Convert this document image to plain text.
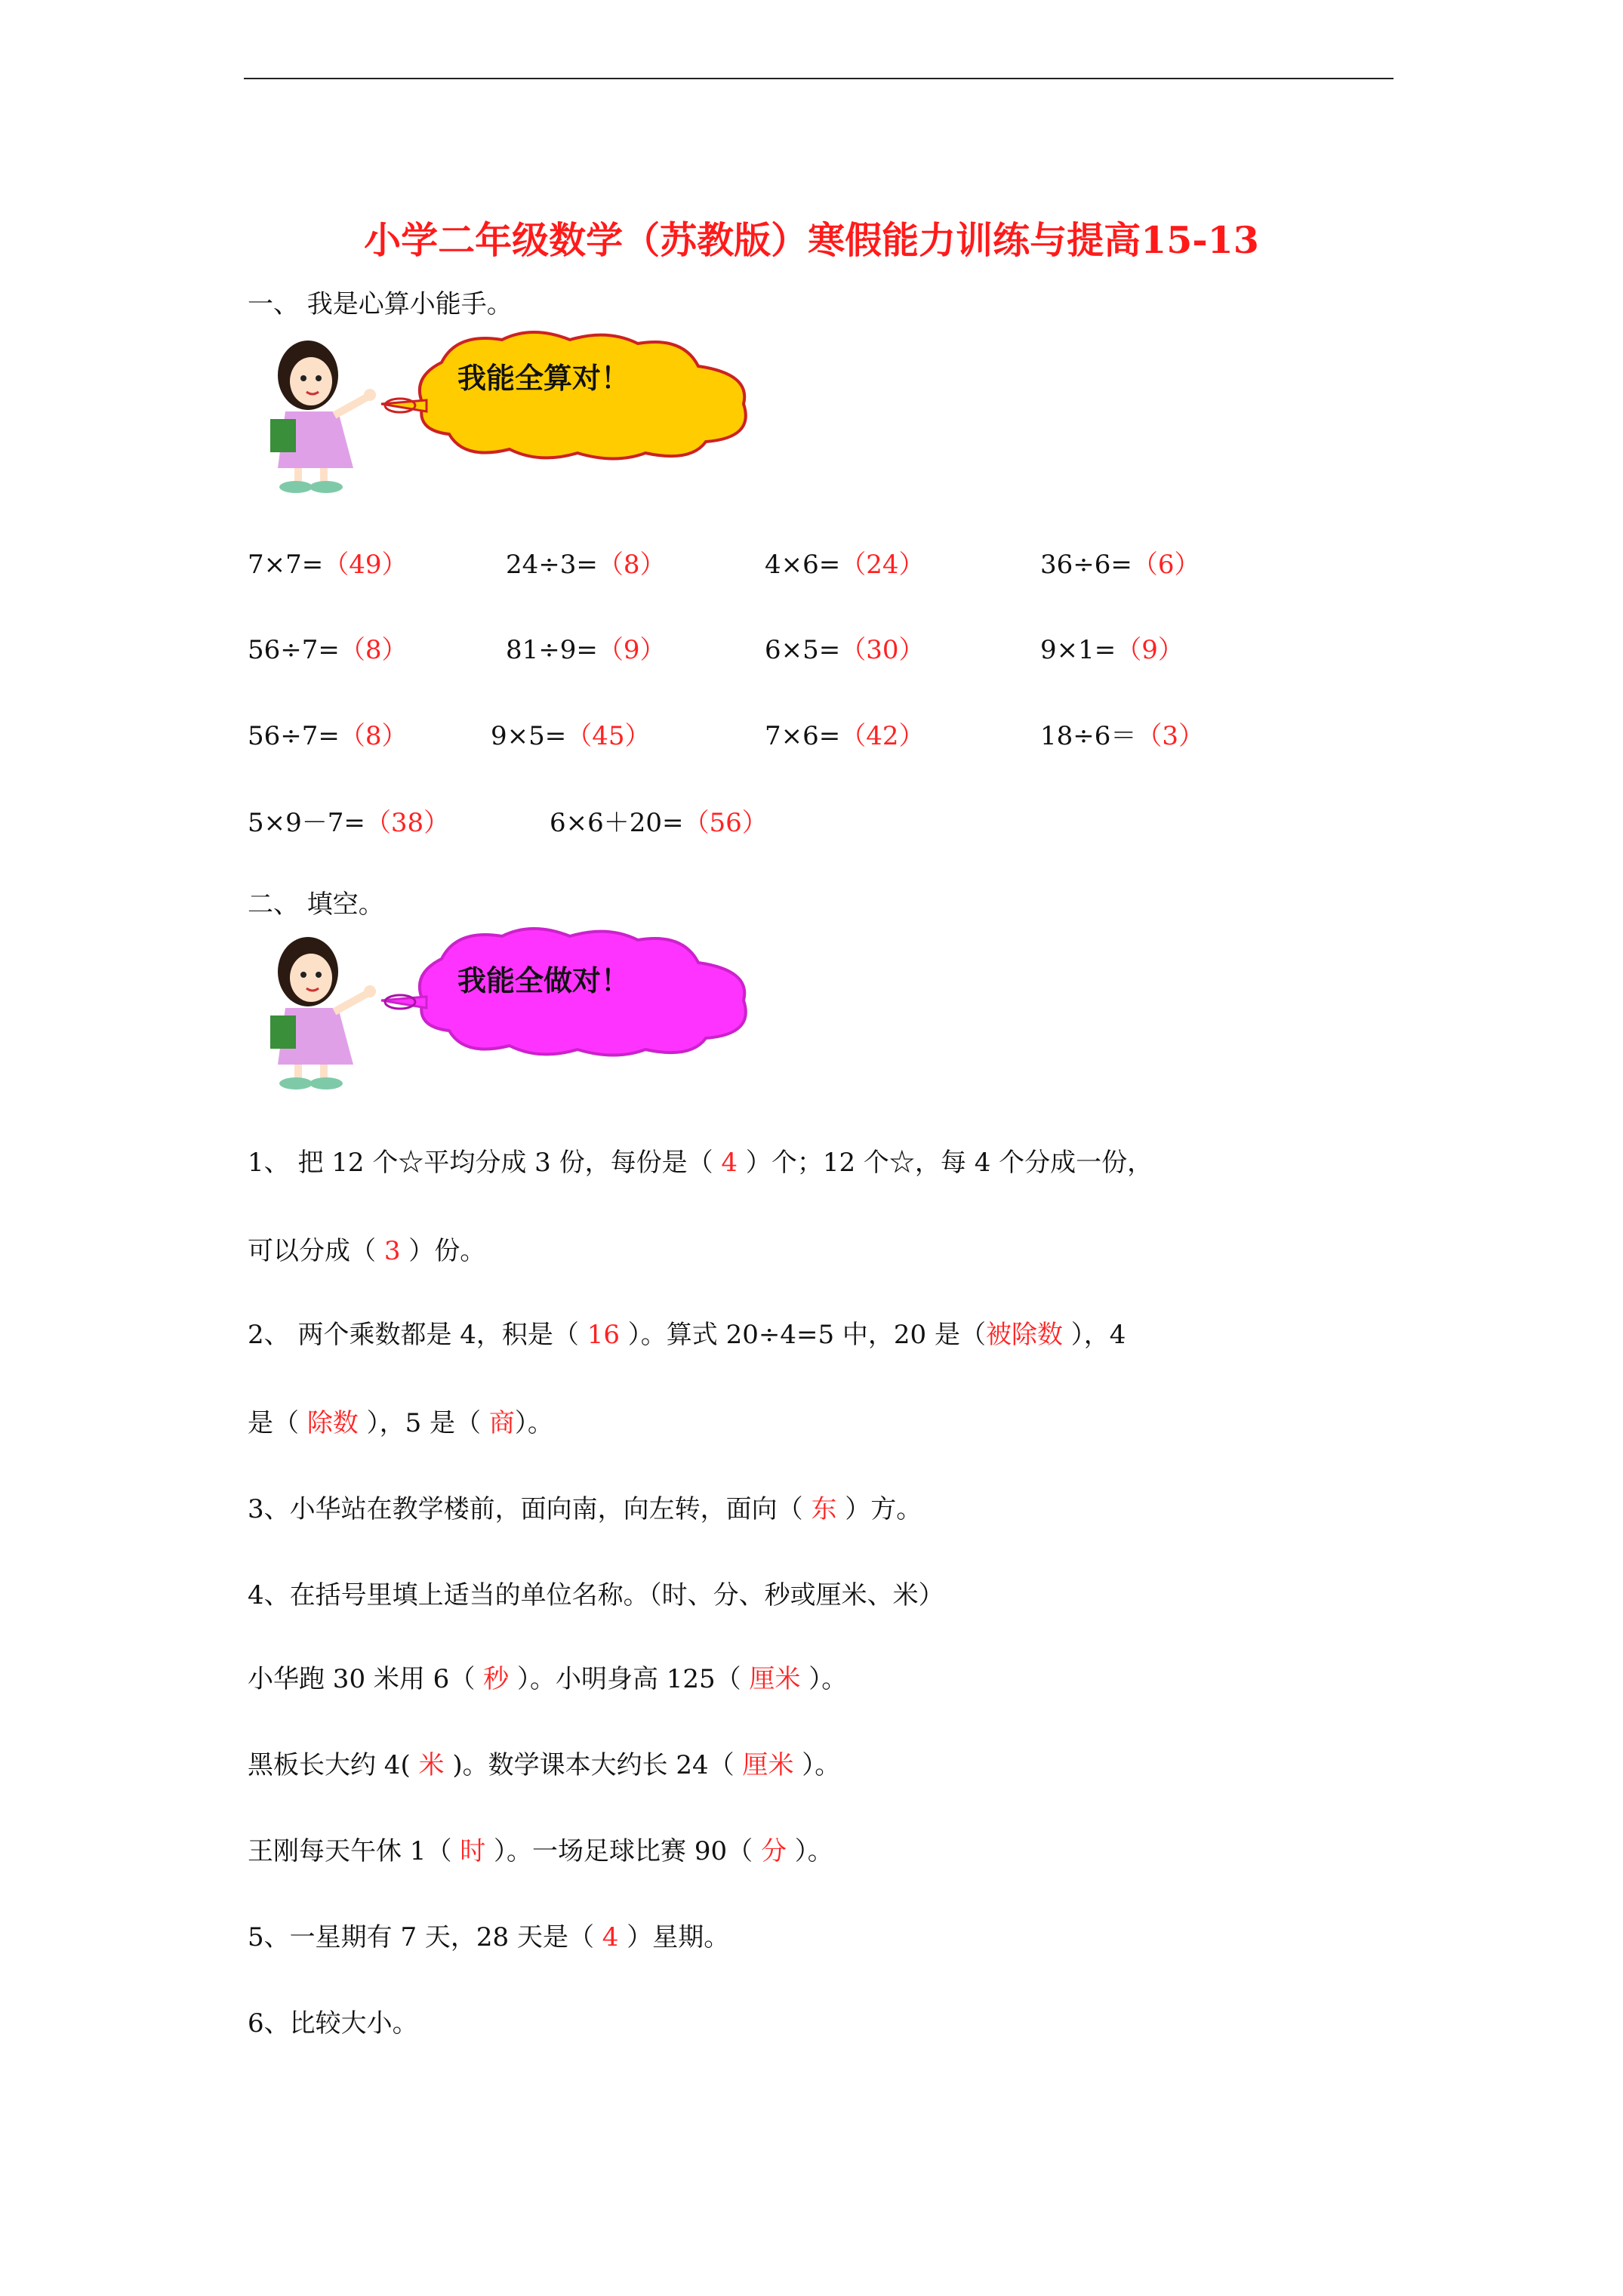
小学二年级数学（苏教版）寒假能力训练与提高15-13
一、 我是心算小能手。
我能全算对！
7×7=（49）	24÷3=（8）	4×6=（24）	36÷6=（6）
56÷7=（8）	81÷9=（9）	6×5=（30）	9×1=（9）
56÷7=（8）	9×5=（45）	7×6=（42）	18÷6＝（3）
5×9－7=（38）	6×6＋20=（56）
二、 填空。
我能全做对！
1、 把 12 个☆平均分成 3 份，每份是（ 4 ）个；12 个☆，每 4 个分成一份，
可以分成（ 3 ）份。
2、 两个乘数都是 4，积是（ 16 ）。算式 20÷4=5 中，20 是（被除数 ），4
是（ 除数 ），5 是（ 商）。
3、小华站在教学楼前，面向南，向左转，面向（ 东 ）方。
4、在括号里填上适当的单位名称。（时、分、秒或厘米、米）
小华跑 30 米用 6（ 秒 ）。小明身高 125（ 厘米 ）。
黑板长大约 4( 米 )。数学课本大约长 24（ 厘米 ）。
王刚每天午休 1（ 时 ）。一场足球比赛 90（ 分 ）。
5、一星期有 7 天，28 天是（ 4 ）星期。
6、比较大小。
